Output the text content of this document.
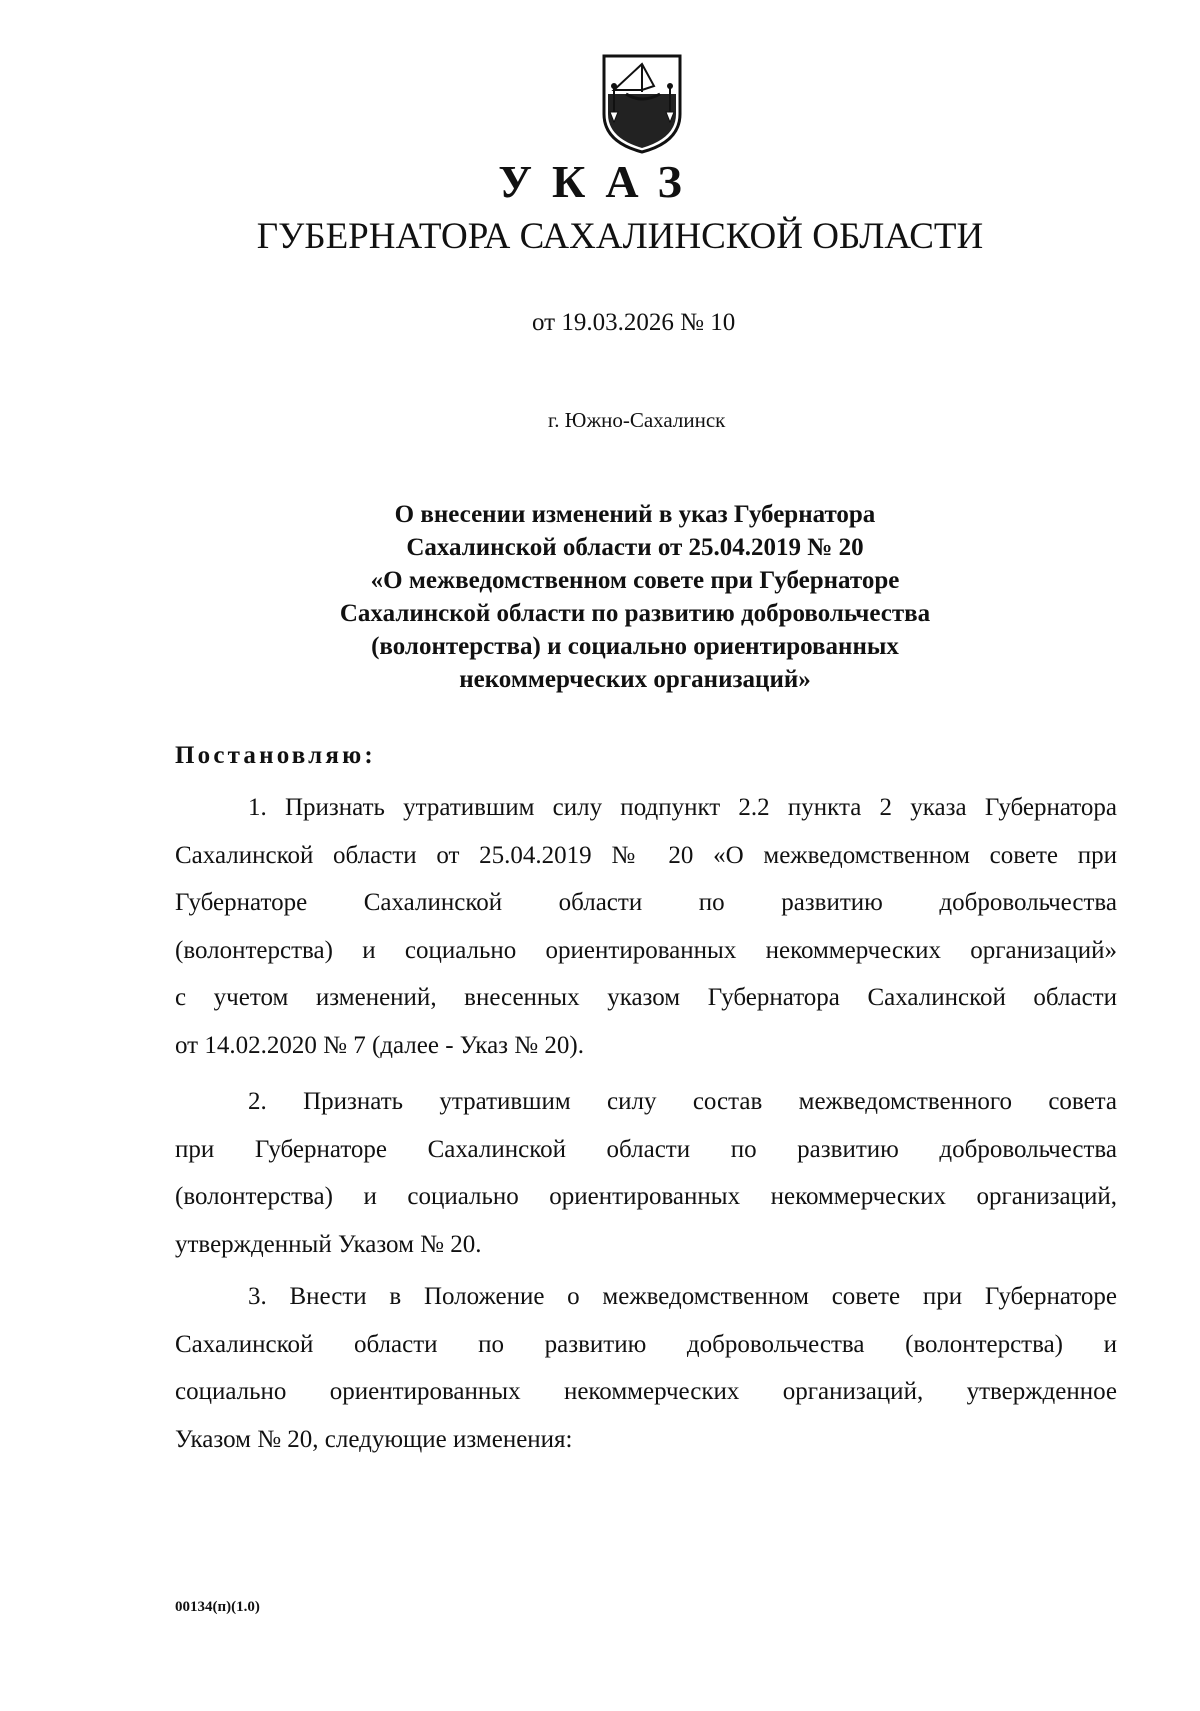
УКАЗ
ГУБЕРНАТОРА САХАЛИНСКОЙ ОБЛАСТИ
от 19.03.2026 № 10
г. Южно-Сахалинск
О внесении изменений в указ Губернатора
Сахалинской области от 25.04.2019 № 20
«О межведомственном совете при Губернаторе
Сахалинской области по развитию добровольчества
(волонтерства) и социально ориентированных
некоммерческих организаций»
Постановляю:
1. Признать утратившим силу подпункт 2.2 пункта 2 указа Губернатора
Сахалинской области от 25.04.2019 № 20 «О межведомственном совете при
Губернаторе Сахалинской области по развитию добровольчества
(волонтерства) и социально ориентированных некоммерческих организаций»
с учетом изменений, внесенных указом Губернатора Сахалинской области
от 14.02.2020 № 7 (далее - Указ № 20).
2. Признать утратившим силу состав межведомственного совета
при Губернаторе Сахалинской области по развитию добровольчества
(волонтерства) и социально ориентированных некоммерческих организаций,
утвержденный Указом № 20.
3. Внести в Положение о межведомственном совете при Губернаторе
Сахалинской области по развитию добровольчества (волонтерства) и
социально ориентированных некоммерческих организаций, утвержденное
Указом № 20, следующие изменения:
00134(п)(1.0)
